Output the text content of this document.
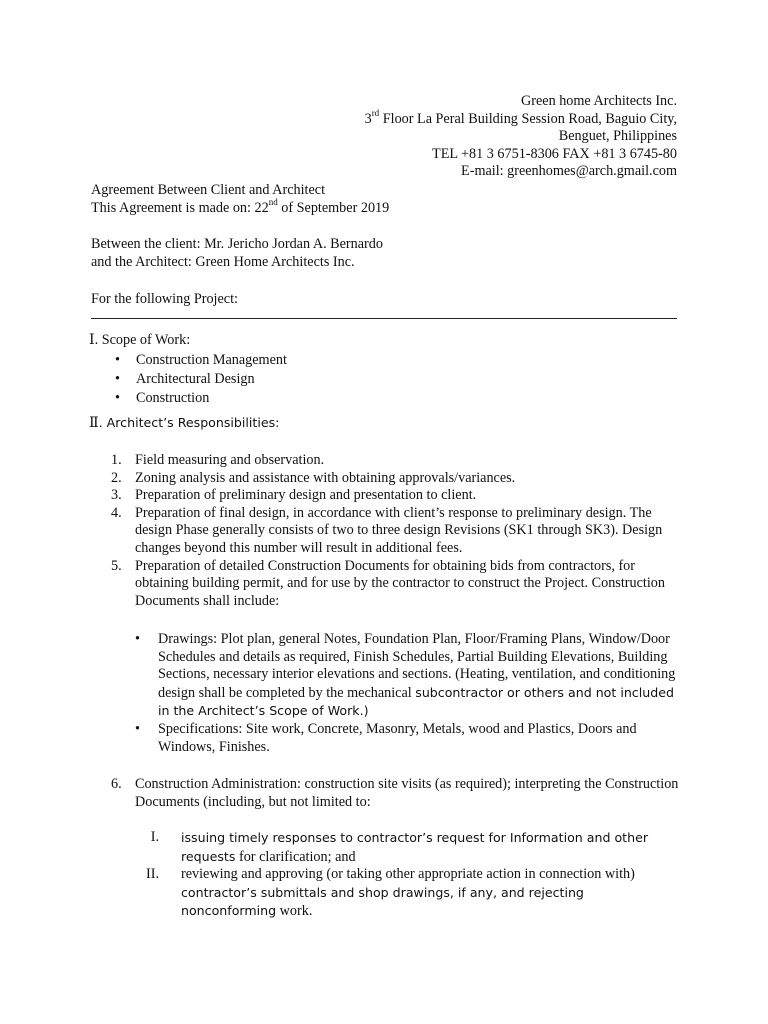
Green home Architects Inc.
3rd Floor La Peral Building Session Road, Baguio City,
Benguet, Philippines
TEL +81 3 6751-8306 FAX +81 3 6745-80
E-mail: greenhomes@arch.gmail.com
Agreement Between Client and Architect
This Agreement is made on: 22nd of September 2019
Between the client: Mr. Jericho Jordan A. Bernardo
and the Architect: Green Home Architects Inc.
For the following Project:
Ⅰ. Scope of Work:
• Construction Management
• Architectural Design
• Construction
Ⅱ. Architect’s Responsibilities:
1. Field measuring and observation.
2. Zoning analysis and assistance with obtaining approvals/variances.
3. Preparation of preliminary design and presentation to client.
4. Preparation of final design, in accordance with client’s response to preliminary design. The design Phase generally consists of two to three design Revisions (SK1 through SK3). Design changes beyond this number will result in additional fees.
5. Preparation of detailed Construction Documents for obtaining bids from contractors, for obtaining building permit, and for use by the contractor to construct the Project. Construction Documents shall include:
• Drawings: Plot plan, general Notes, Foundation Plan, Floor/Framing Plans, Window/Door Schedules and details as required, Finish Schedules, Partial Building Elevations, Building Sections, necessary interior elevations and sections. (Heating, ventilation, and conditioning design shall be completed by the mechanical subcontractor or others and not included in the Architect’s Scope of Work.)
• Specifications: Site work, Concrete, Masonry, Metals, wood and Plastics, Doors and Windows, Finishes.
6. Construction Administration: construction site visits (as required); interpreting the Construction Documents (including, but not limited to:
I. issuing timely responses to contractor’s request for Information and other requests for clarification; and
II. reviewing and approving (or taking other appropriate action in connection with) contractor’s submittals and shop drawings, if any, and rejecting nonconforming work.
